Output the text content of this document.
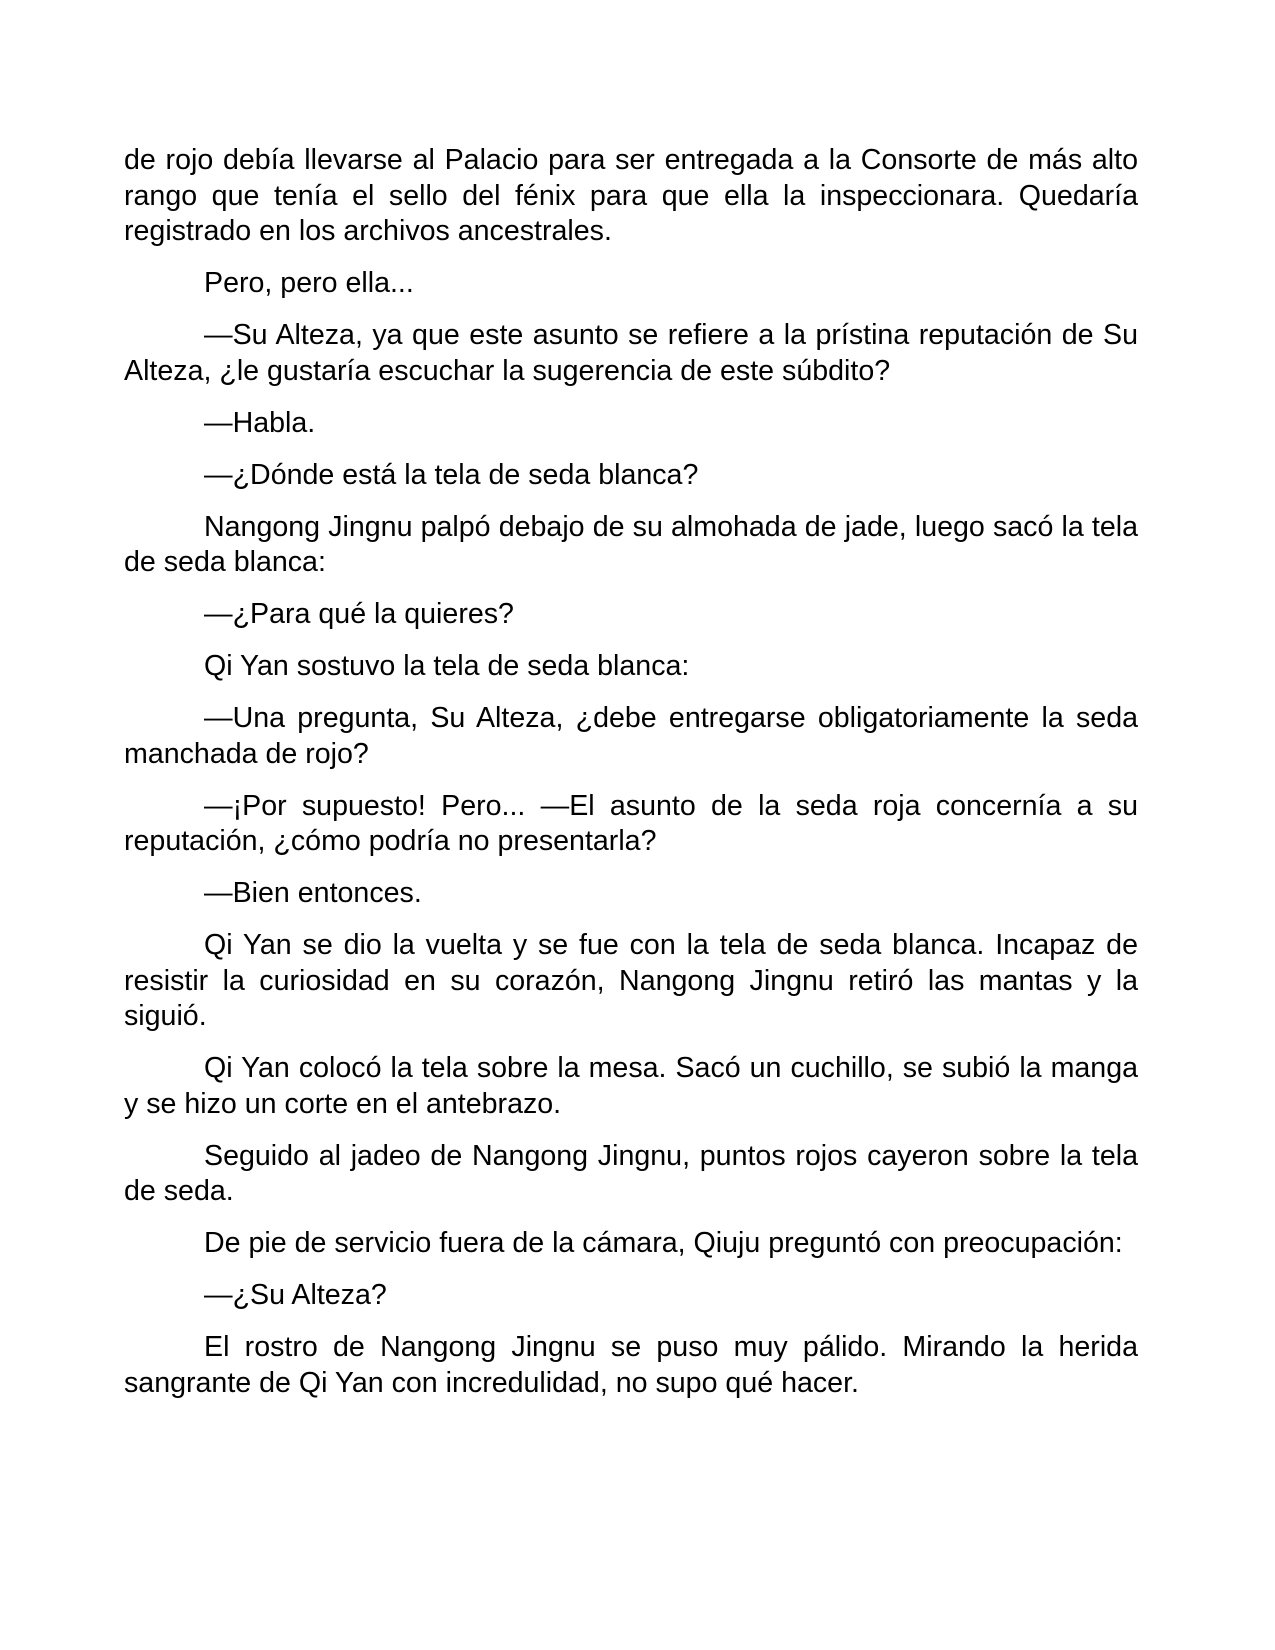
de rojo debía llevarse al Palacio para ser entregada a la Consorte de más alto rango que tenía el sello del fénix para que ella la inspeccionara. Quedaría registrado en los archivos ancestrales.

Pero, pero ella...

—Su Alteza, ya que este asunto se refiere a la prístina reputación de Su Alteza, ¿le gustaría escuchar la sugerencia de este súbdito?

—Habla.

—¿Dónde está la tela de seda blanca?

Nangong Jingnu palpó debajo de su almohada de jade, luego sacó la tela de seda blanca:

—¿Para qué la quieres?

Qi Yan sostuvo la tela de seda blanca:

—Una pregunta, Su Alteza, ¿debe entregarse obligatoriamente la seda manchada de rojo?

—¡Por supuesto! Pero... —El asunto de la seda roja concernía a su reputación, ¿cómo podría no presentarla?

—Bien entonces.

Qi Yan se dio la vuelta y se fue con la tela de seda blanca. Incapaz de resistir la curiosidad en su corazón, Nangong Jingnu retiró las mantas y la siguió.

Qi Yan colocó la tela sobre la mesa. Sacó un cuchillo, se subió la manga y se hizo un corte en el antebrazo.

Seguido al jadeo de Nangong Jingnu, puntos rojos cayeron sobre la tela de seda.

De pie de servicio fuera de la cámara, Qiuju preguntó con preocupación:

—¿Su Alteza?

El rostro de Nangong Jingnu se puso muy pálido. Mirando la herida sangrante de Qi Yan con incredulidad, no supo qué hacer.
